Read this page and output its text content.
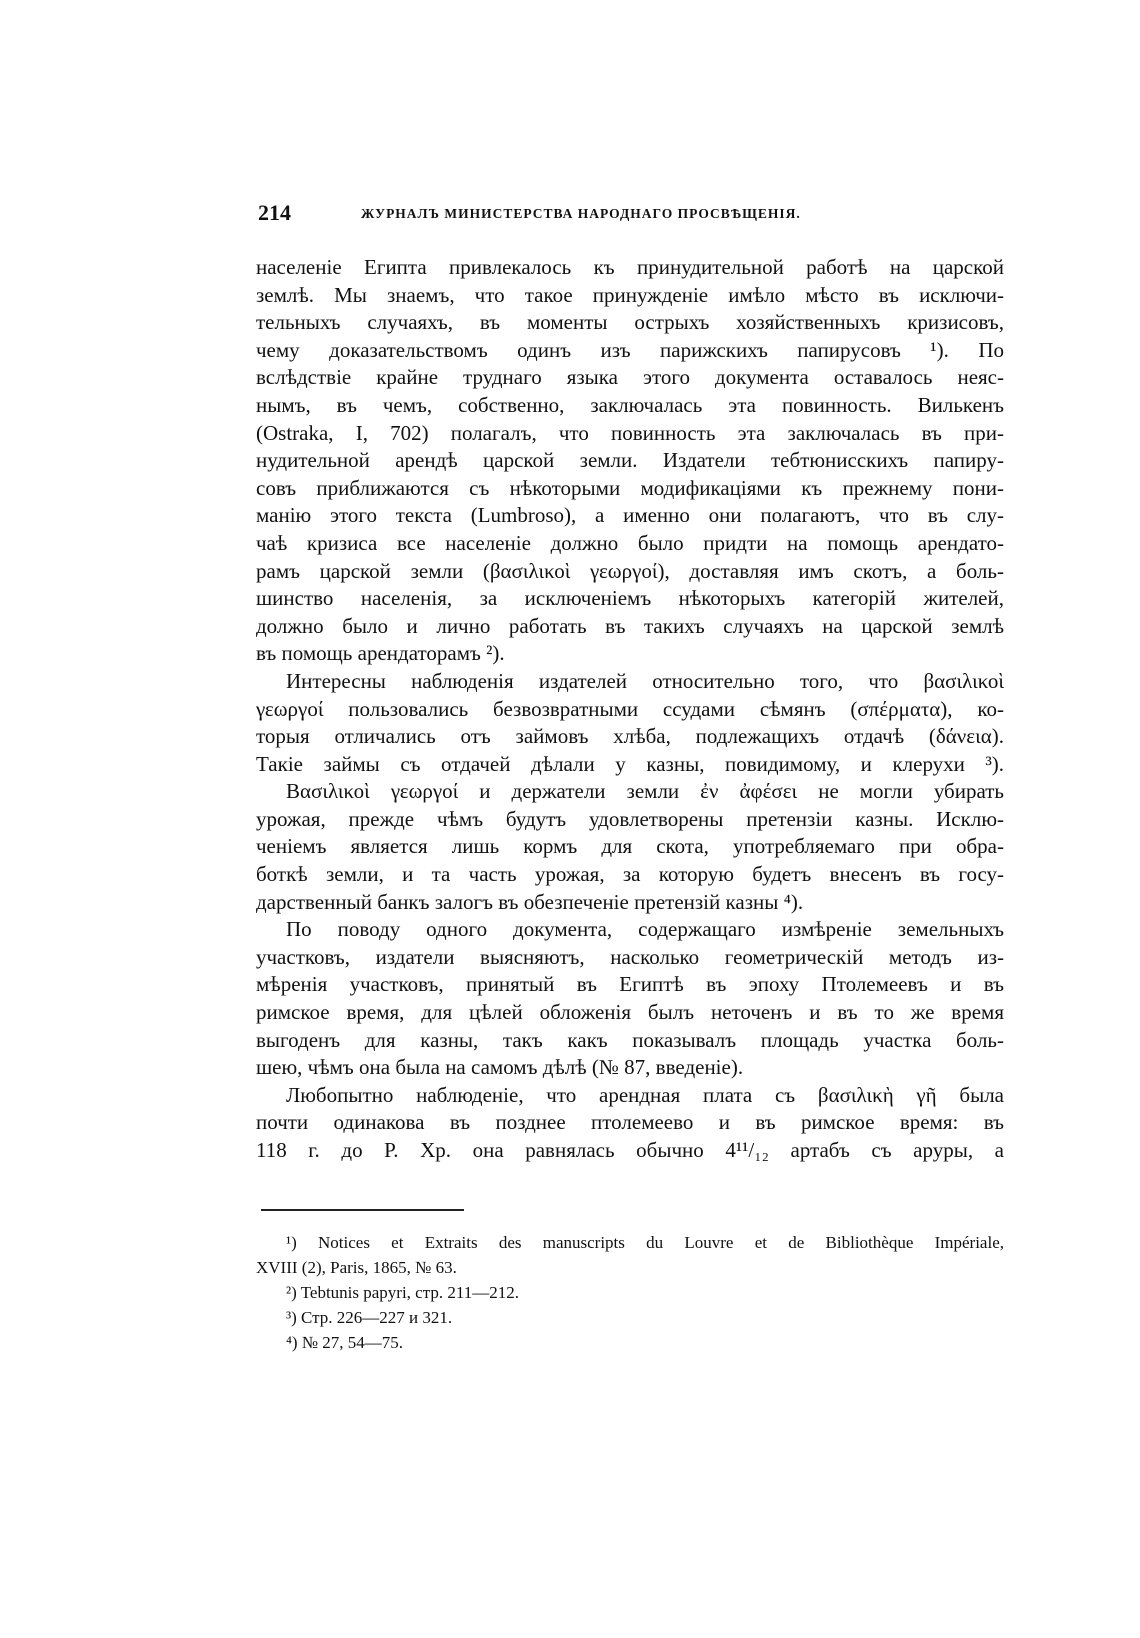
214	ЖУРНАЛЪ МИНИСТЕРСТВА НАРОДНАГО ПРОСВѢЩЕНІЯ.
населеніе Египта привлекалось къ принудительной работѣ на царской
землѣ. Мы знаемъ, что такое принужденіе имѣло мѣсто въ исключи-
тельныхъ случаяхъ, въ моменты острыхъ хозяйственныхъ кризисовъ,
чему доказательствомъ одинъ изъ парижскихъ папирусовъ ¹). По
вслѣдствіе крайне труднаго языка этого документа оставалось неяс-
нымъ, въ чемъ, собственно, заключалась эта повинность. Вилькенъ
(Ostraka, I, 702) полагалъ, что повинность эта заключалась въ при-
нудительной арендѣ царской земли. Издатели тебтюнисскихъ папиру-
совъ приближаются съ нѣкоторыми модификаціями къ прежнему пони-
манію этого текста (Lumbroso), а именно они полагаютъ, что въ слу-
чаѣ кризиса все населеніе должно было придти на помощь арендато-
рамъ царской земли (βασιλικοὶ γεωργοί), доставляя имъ скотъ, а боль-
шинство населенія, за исключеніемъ нѣкоторыхъ категорій жителей,
должно было и лично работать въ такихъ случаяхъ на царской землѣ
въ помощь арендаторамъ ²).
Интересны наблюденія издателей относительно того, что βασιλικοὶ
γεωργοί пользовались безвозвратными ссудами сѣмянъ (σπέρματα), ко-
торыя отличались отъ займовъ хлѣба, подлежащихъ отдачѣ (δάνεια).
Такіе займы съ отдачей дѣлали у казны, повидимому, и клерухи ³).
Βασιλικοὶ γεωργοί и держатели земли ἐν ἀφέσει не могли убирать
урожая, прежде чѣмъ будутъ удовлетворены претензіи казны. Исклю-
ченіемъ является лишь кормъ для скота, употребляемаго при обра-
боткѣ земли, и та часть урожая, за которую будетъ внесенъ въ госу-
дарственный банкъ залогъ въ обезпеченіе претензій казны ⁴).
По поводу одного документа, содержащаго измѣреніе земельныхъ
участковъ, издатели выясняютъ, насколько геометрическій методъ из-
мѣренія участковъ, принятый въ Египтѣ въ эпоху Птолемеевъ и въ
римское время, для цѣлей обложенія былъ неточенъ и въ то же время
выгоденъ для казны, такъ какъ показывалъ площадь участка боль-
шею, чѣмъ она была на самомъ дѣлѣ (№ 87, введеніе).
Любопытно наблюденіе, что арендная плата съ βασιλικὴ γῆ была
почти одинакова въ позднее птолемеево и въ римское время: въ
118 г. до Р. Хр. она равнялась обычно 4¹¹/₁₂ артабъ съ аруры, а
¹) Notices et Extraits des manuscripts du Louvre et de Bibliothèque Impériale,
XVIII (2), Paris, 1865, № 63.
²) Tebtunis papyri, стр. 211—212.
³) Стр. 226—227 и 321.
⁴) № 27, 54—75.
